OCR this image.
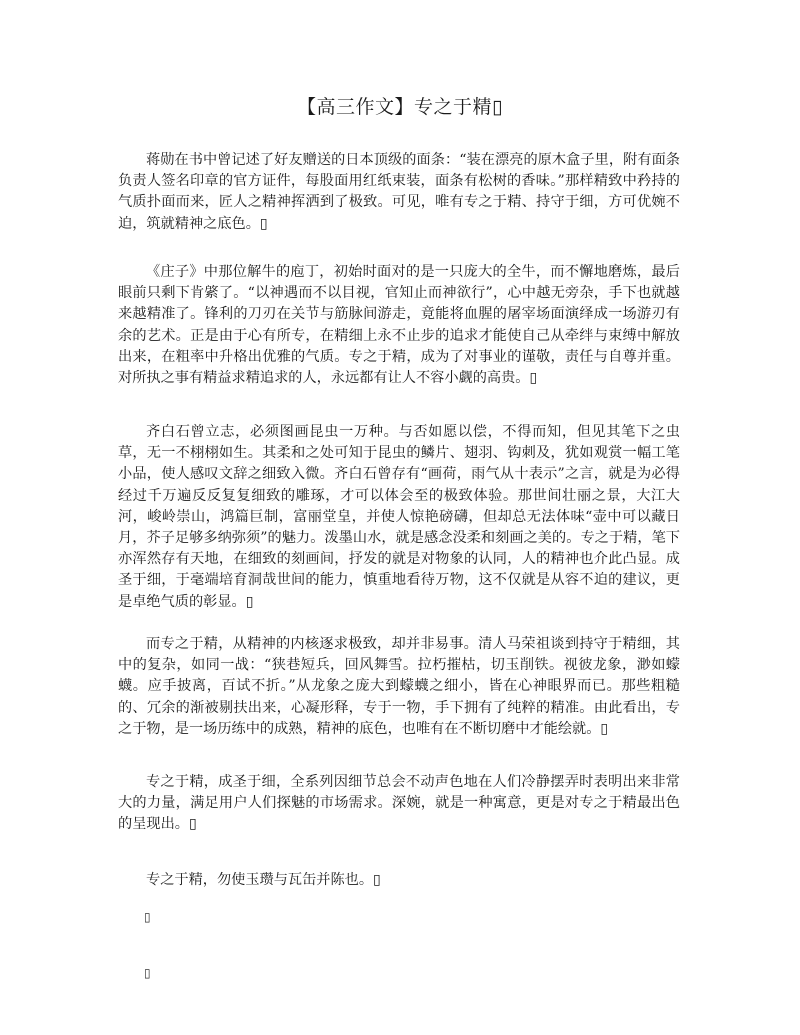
【高三作文】专之于精▯
蒋勋在书中曾记述了好友赠送的日本顶级的面条：“装在漂亮的原木盒子里，附有面条负责人签名印章的官方证件，每股面用红纸束装，面条有松树的香味。”那样精致中矜持的气质扑面而来，匠人之精神挥洒到了极致。可见，唯有专之于精、持守于细，方可优婉不迫，筑就精神之底色。▯
《庄子》中那位解牛的庖丁，初始时面对的是一只庞大的全牛，而不懈地磨炼，最后眼前只剩下肯綮了。“以神遇而不以目视，官知止而神欲行”，心中越无旁杂，手下也就越来越精准了。锋利的刀刃在关节与筋脉间游走，竟能将血腥的屠宰场面演绎成一场游刃有余的艺术。正是由于心有所专，在精细上永不止步的追求才能使自己从牵绊与束缚中解放出来，在粗率中升格出优雅的气质。专之于精，成为了对事业的谨敬，责任与自尊并重。对所执之事有精益求精追求的人，永远都有让人不容小觑的高贵。▯
齐白石曾立志，必须图画昆虫一万种。与否如愿以偿，不得而知，但见其笔下之虫草，无一不栩栩如生。其柔和之处可知于昆虫的鳞片、翅羽、钩刺及，犹如观赏一幅工笔小品，使人感叹文辞之细致入微。齐白石曾存有“画荷，雨气从十表示”之言，就是为必得经过千万遍反反复复细致的雕琢，才可以体会至的极致体验。那世间壮丽之景，大江大河，峻岭崇山，鸿篇巨制，富丽堂皇，并使人惊艳磅礴，但却总无法体味“壶中可以藏日月，芥子足够多纳弥须”的魅力。泼墨山水，就是感念没柔和刻画之美的。专之于精，笔下亦浑然存有天地，在细致的刻画间，抒发的就是对物象的认同，人的精神也介此凸显。成圣于细，于毫端培育洞哉世间的能力，慎重地看待万物，这不仅就是从容不迫的建议，更是卓绝气质的彰显。▯
而专之于精，从精神的内核逐求极致，却并非易事。清人马荣祖谈到持守于精细，其中的复杂，如同一战：“狭巷短兵，回风舞雪。拉朽摧枯，切玉削铁。视彼龙象，渺如蠓蠛。应手披离，百试不折。”从龙象之庞大到蠓蠛之细小，皆在心神眼界而已。那些粗糙的、冗余的渐被剔扶出来，心凝形释，专于一物，手下拥有了纯粹的精准。由此看出，专之于物，是一场历练中的成熟，精神的底色，也唯有在不断切磨中才能绘就。▯
专之于精，成圣于细，全系列因细节总会不动声色地在人们冷静摆弄时表明出来非常大的力量，满足用户人们探魅的市场需求。深婉，就是一种寓意，更是对专之于精最出色的呈现出。▯
专之于精，勿使玉瓒与瓦缶并陈也。▯
▯
▯
